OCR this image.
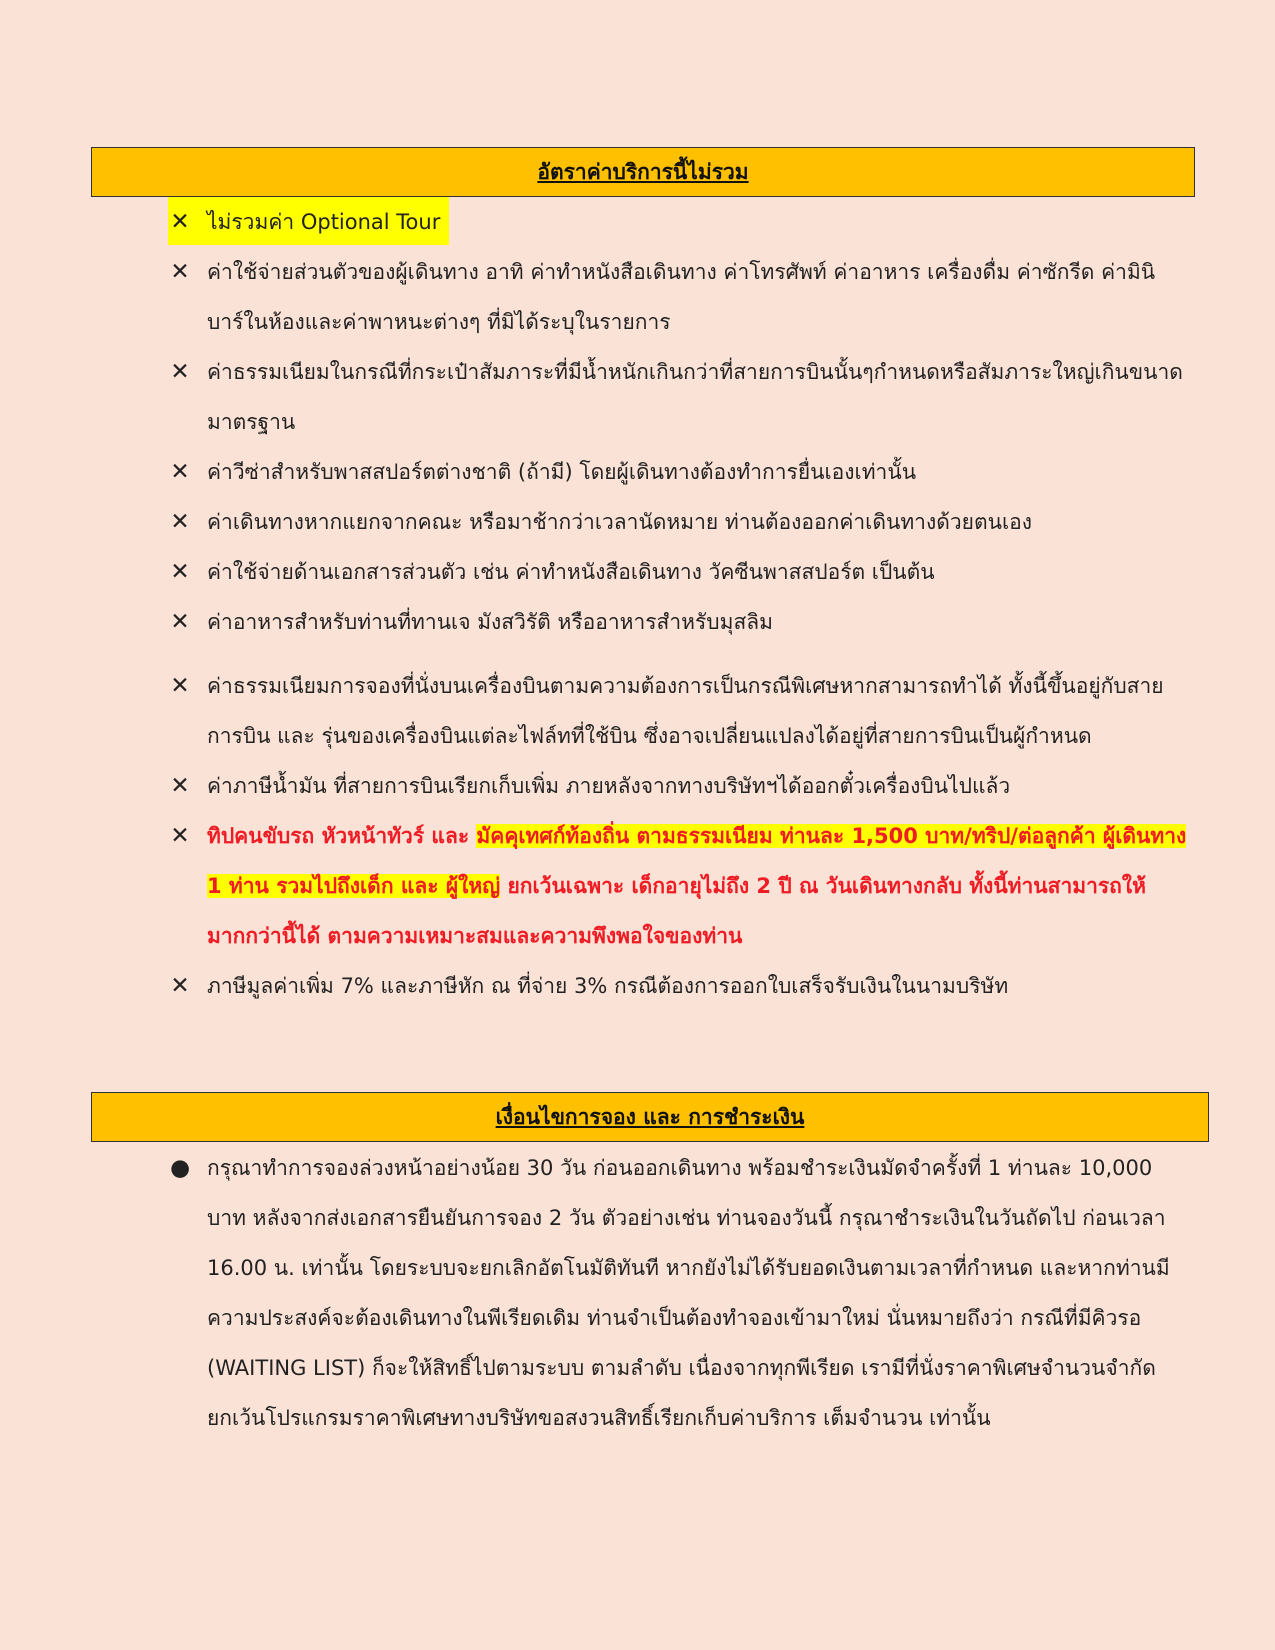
อัตราค่าบริการนี้ไม่รวม
✕ ไม่รวมค่า Optional Tour
✕ ค่าใช้จ่ายส่วนตัวของผู้เดินทาง อาทิ ค่าทำหนังสือเดินทาง ค่าโทรศัพท์ ค่าอาหาร เครื่องดื่ม ค่าซักรีด ค่ามินิบาร์ในห้องและค่าพาหนะต่างๆ ที่มิได้ระบุในรายการ
✕ ค่าธรรมเนียมในกรณีที่กระเป๋าสัมภาระที่มีน้ำหนักเกินกว่าที่สายการบินนั้นๆกำหนดหรือสัมภาระใหญ่เกินขนาดมาตรฐาน
✕ ค่าวีซ่าสำหรับพาสสปอร์ตต่างชาติ (ถ้ามี) โดยผู้เดินทางต้องทำการยื่นเองเท่านั้น
✕ ค่าเดินทางหากแยกจากคณะ หรือมาช้ากว่าเวลานัดหมาย ท่านต้องออกค่าเดินทางด้วยตนเอง
✕ ค่าใช้จ่ายด้านเอกสารส่วนตัว เช่น ค่าทำหนังสือเดินทาง วัคซีนพาสสปอร์ต เป็นต้น
✕ ค่าอาหารสำหรับท่านที่ทานเจ มังสวิรัติ หรืออาหารสำหรับมุสลิม
✕ ค่าธรรมเนียมการจองที่นั่งบนเครื่องบินตามความต้องการเป็นกรณีพิเศษหากสามารถทำได้ ทั้งนี้ขึ้นอยู่กับสายการบิน และ รุ่นของเครื่องบินแต่ละไฟล์ทที่ใช้บิน ซึ่งอาจเปลี่ยนแปลงได้อยู่ที่สายการบินเป็นผู้กำหนด
✕ ค่าภาษีน้ำมัน ที่สายการบินเรียกเก็บเพิ่ม ภายหลังจากทางบริษัทฯได้ออกตั๋วเครื่องบินไปแล้ว
✕ ทิปคนขับรถ หัวหน้าทัวร์ และ มัคคุเทศก์ท้องถิ่น ตามธรรมเนียม ท่านละ 1,500 บาท/ทริป/ต่อลูกค้า ผู้เดินทาง 1 ท่าน รวมไปถึงเด็ก และ ผู้ใหญ่ ยกเว้นเฉพาะ เด็กอายุไม่ถึง 2 ปี ณ วันเดินทางกลับ ทั้งนี้ท่านสามารถให้มากกว่านี้ได้ ตามความเหมาะสมและความพึงพอใจของท่าน
✕ ภาษีมูลค่าเพิ่ม 7% และภาษีหัก ณ ที่จ่าย 3% กรณีต้องการออกใบเสร็จรับเงินในนามบริษัท
เงื่อนไขการจอง และ การชำระเงิน
● กรุณาทำการจองล่วงหน้าอย่างน้อย 30 วัน ก่อนออกเดินทาง พร้อมชำระเงินมัดจำครั้งที่ 1 ท่านละ 10,000 บาท หลังจากส่งเอกสารยืนยันการจอง 2 วัน ตัวอย่างเช่น ท่านจองวันนี้ กรุณาชำระเงินในวันถัดไป ก่อนเวลา 16.00 น. เท่านั้น โดยระบบจะยกเลิกอัตโนมัติทันที หากยังไม่ได้รับยอดเงินตามเวลาที่กำหนด และหากท่านมีความประสงค์จะต้องเดินทางในพีเรียดเดิม ท่านจำเป็นต้องทำจองเข้ามาใหม่ นั่นหมายถึงว่า กรณีที่มีคิวรอ (WAITING LIST) ก็จะให้สิทธิ์ไปตามระบบ ตามลำดับ เนื่องจากทุกพีเรียด เรามีที่นั่งราคาพิเศษจำนวนจำกัด ยกเว้นโปรแกรมราคาพิเศษทางบริษัทขอสงวนสิทธิ์เรียกเก็บค่าบริการ เต็มจำนวน เท่านั้น
